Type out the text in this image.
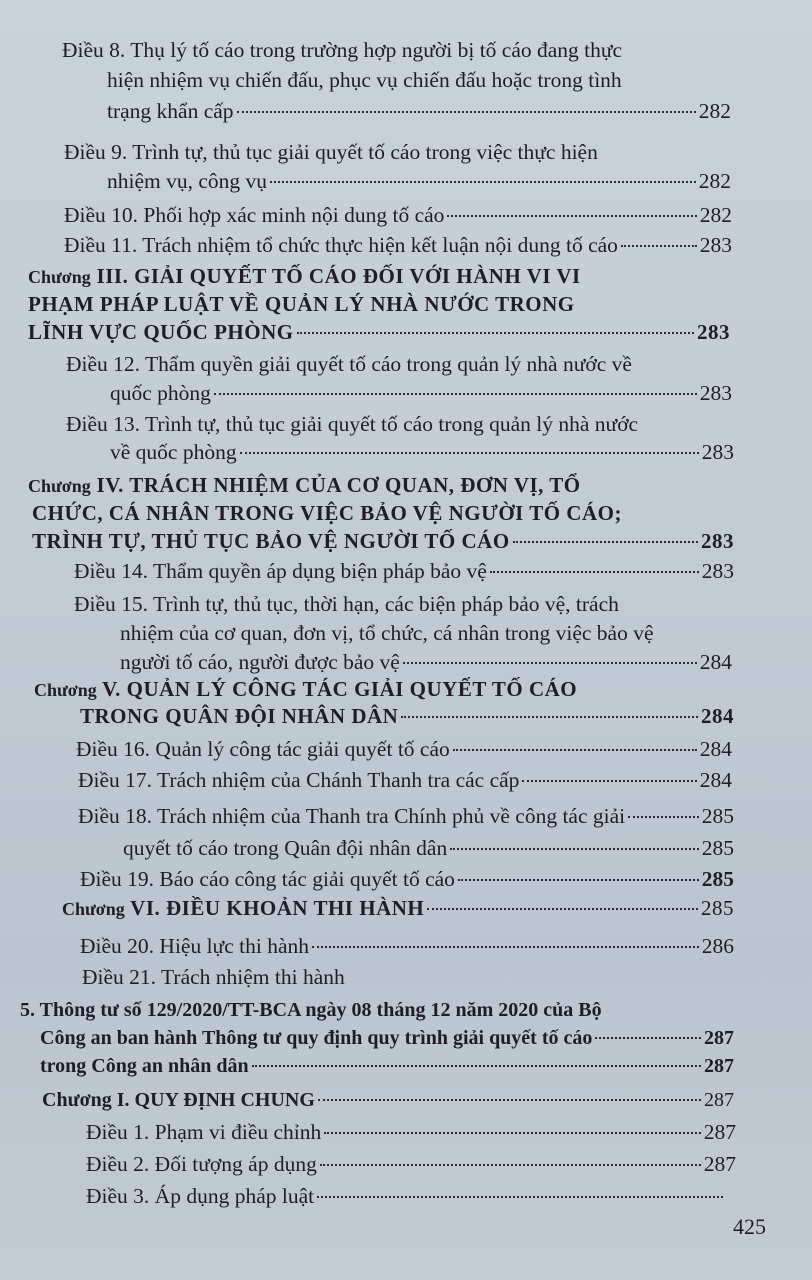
Điều 8. Thụ lý tố cáo trong trường hợp người bị tố cáo đang thực
hiện nhiệm vụ chiến đấu, phục vụ chiến đấu hoặc trong tình
trạng khẩn cấp	282
Điều 9. Trình tự, thủ tục giải quyết tố cáo trong việc thực hiện
nhiệm vụ, công vụ	282
Điều 10. Phối hợp xác minh nội dung tố cáo	282
Điều 11. Trách nhiệm tổ chức thực hiện kết luận nội dung tố cáo	283
Chương III. GIẢI QUYẾT TỐ CÁO ĐỐI VỚI HÀNH VI VI
PHẠM PHÁP LUẬT VỀ QUẢN LÝ NHÀ NƯỚC TRONG
LĨNH VỰC QUỐC PHÒNG	283
Điều 12. Thẩm quyền giải quyết tố cáo trong quản lý nhà nước về
quốc phòng	283
Điều 13. Trình tự, thủ tục giải quyết tố cáo trong quản lý nhà nước
về quốc phòng	283
Chương IV. TRÁCH NHIỆM CỦA CƠ QUAN, ĐƠN VỊ, TỔ
CHỨC, CÁ NHÂN TRONG VIỆC BẢO VỆ NGƯỜI TỐ CÁO;
TRÌNH TỰ, THỦ TỤC BẢO VỆ NGƯỜI TỐ CÁO	283
Điều 14. Thẩm quyền áp dụng biện pháp bảo vệ	283
Điều 15. Trình tự, thủ tục, thời hạn, các biện pháp bảo vệ, trách
nhiệm của cơ quan, đơn vị, tổ chức, cá nhân trong việc bảo vệ
người tố cáo, người được bảo vệ	284
Chương V. QUẢN LÝ CÔNG TÁC GIẢI QUYẾT TỐ CÁO
TRONG QUÂN ĐỘI NHÂN DÂN	284
Điều 16. Quản lý công tác giải quyết tố cáo	284
Điều 17. Trách nhiệm của Chánh Thanh tra các cấp	284
Điều 18. Trách nhiệm của Thanh tra Chính phủ về công tác giải	285
quyết tố cáo trong Quân đội nhân dân	285
Điều 19. Báo cáo công tác giải quyết tố cáo	285
Chương VI. ĐIỀU KHOẢN THI HÀNH	285
Điều 20. Hiệu lực thi hành	286
Điều 21. Trách nhiệm thi hành
5. Thông tư số 129/2020/TT-BCA ngày 08 tháng 12 năm 2020 của Bộ
Công an ban hành Thông tư quy định quy trình giải quyết tố cáo	287
trong Công an nhân dân	287
Chương I. QUY ĐỊNH CHUNG	287
Điều 1. Phạm vi điều chỉnh	287
Điều 2. Đối tượng áp dụng	287
Điều 3. Áp dụng pháp luật
425
